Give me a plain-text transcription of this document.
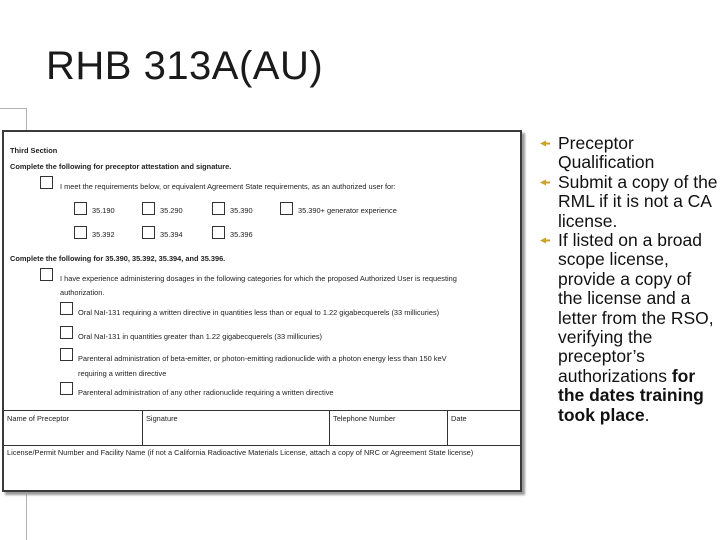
RHB 313A(AU)
Third Section
Complete the following for preceptor attestation and signature.
I meet the requirements below, or equivalent Agreement State requirements, as an authorized user for:
35.190	35.290	35.390	35.390+ generator experience
35.392	35.394	35.396
Complete the following for 35.390, 35.392, 35.394, and 35.396.
I have experience administering dosages in the following categories for which the proposed Authorized User is requesting
authorization.
Oral NaI-131 requiring a written directive in quantities less than or equal to 1.22 gigabecquerels (33 millicuries)
Oral NaI-131 in quantities greater than 1.22 gigabecquerels (33 millicuries)
Parenteral administration of beta-emitter, or photon-emitting radionuclide with a photon energy less than 150 keV
requiring a written directive
Parenteral administration of any other radionuclide requiring a written directive
Name of Preceptor	Signature	Telephone Number	Date
License/Permit Number and Facility Name (if not a California Radioactive Materials License, attach a copy of NRC or Agreement State license)
Preceptor Qualification
Submit a copy of the RML if it is not a CA license.
If listed on a broad scope license, provide a copy of the license and a letter from the RSO, verifying the preceptor’s authorizations for the dates training took place.
